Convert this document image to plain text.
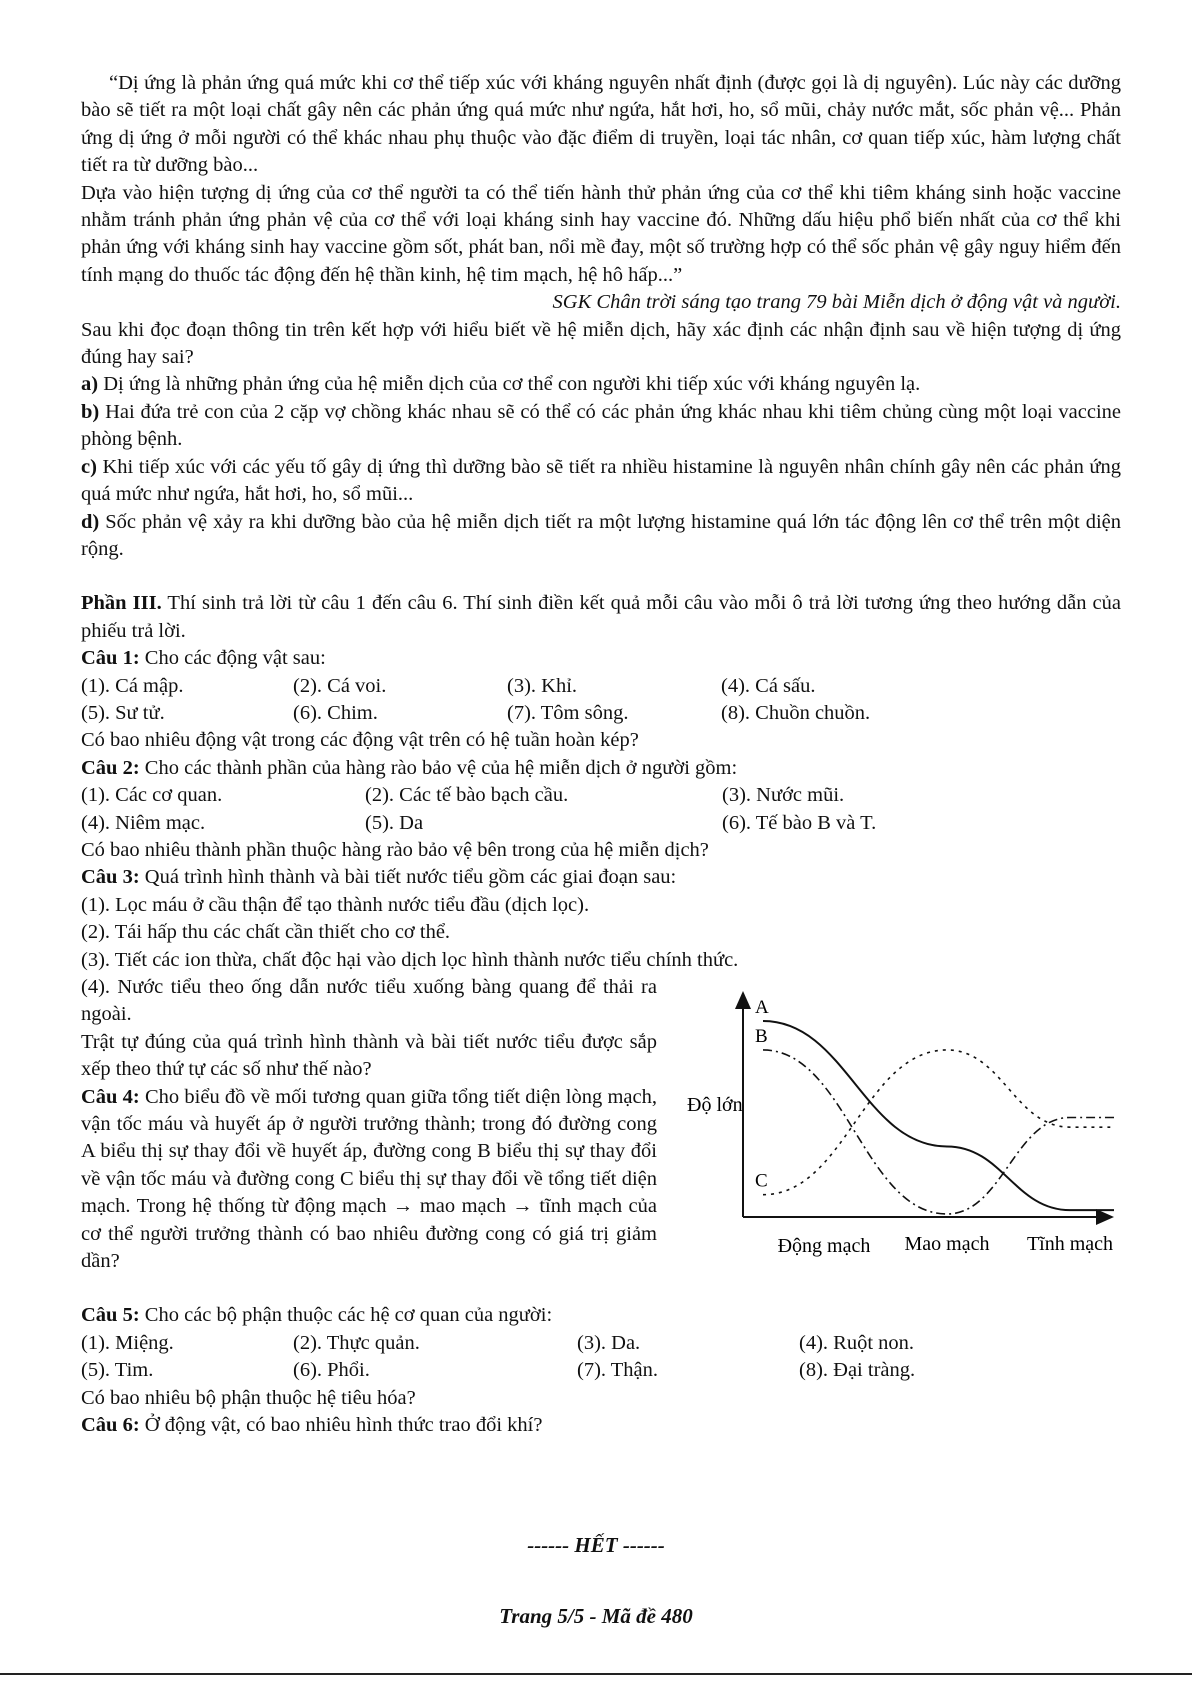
“Dị ứng là phản ứng quá mức khi cơ thể tiếp xúc với kháng nguyên nhất định (được gọi là dị nguyên). Lúc này các dưỡng bào sẽ tiết ra một loại chất gây nên các phản ứng quá mức như ngứa, hắt hơi, ho, sổ mũi, chảy nước mắt, sốc phản vệ... Phản ứng dị ứng ở mỗi người có thể khác nhau phụ thuộc vào đặc điểm di truyền, loại tác nhân, cơ quan tiếp xúc, hàm lượng chất tiết ra từ dưỡng bào...

Dựa vào hiện tượng dị ứng của cơ thể người ta có thể tiến hành thử phản ứng của cơ thể khi tiêm kháng sinh hoặc vaccine nhằm tránh phản ứng phản vệ của cơ thể với loại kháng sinh hay vaccine đó. Những dấu hiệu phổ biến nhất của cơ thể khi phản ứng với kháng sinh hay vaccine gồm sốt, phát ban, nổi mề đay, một số trường hợp có thể sốc phản vệ gây nguy hiểm đến tính mạng do thuốc tác động đến hệ thần kinh, hệ tim mạch, hệ hô hấp...”

SGK Chân trời sáng tạo trang 79 bài Miễn dịch ở động vật và người.

Sau khi đọc đoạn thông tin trên kết hợp với hiểu biết về hệ miễn dịch, hãy xác định các nhận định sau về hiện tượng dị ứng đúng hay sai?

a) Dị ứng là những phản ứng của hệ miễn dịch của cơ thể con người khi tiếp xúc với kháng nguyên lạ.

b) Hai đứa trẻ con của 2 cặp vợ chồng khác nhau sẽ có thể có các phản ứng khác nhau khi tiêm chủng cùng một loại vaccine phòng bệnh.

c) Khi tiếp xúc với các yếu tố gây dị ứng thì dưỡng bào sẽ tiết ra nhiều histamine là nguyên nhân chính gây nên các phản ứng quá mức như ngứa, hắt hơi, ho, sổ mũi...

d) Sốc phản vệ xảy ra khi dưỡng bào của hệ miễn dịch tiết ra một lượng histamine quá lớn tác động lên cơ thể trên một diện rộng.

Phần III. Thí sinh trả lời từ câu 1 đến câu 6. Thí sinh điền kết quả mỗi câu vào mỗi ô trả lời tương ứng theo hướng dẫn của phiếu trả lời.

Câu 1: Cho các động vật sau:

(1). Cá mập.	(2). Cá voi.	(3). Khỉ.	(4). Cá sấu.
(5). Sư tử.	(6). Chim.	(7). Tôm sông.	(8). Chuồn chuồn.

Có bao nhiêu động vật trong các động vật trên có hệ tuần hoàn kép?

Câu 2: Cho các thành phần của hàng rào bảo vệ của hệ miễn dịch ở người gồm:

(1). Các cơ quan.	(2). Các tế bào bạch cầu.	(3). Nước mũi.
(4). Niêm mạc.	(5). Da	(6). Tế bào B và T.

Có bao nhiêu thành phần thuộc hàng rào bảo vệ bên trong của hệ miễn dịch?

Câu 3: Quá trình hình thành và bài tiết nước tiểu gồm các giai đoạn sau:

(1). Lọc máu ở cầu thận để tạo thành nước tiểu đầu (dịch lọc).

(2). Tái hấp thu các chất cần thiết cho cơ thể.

(3). Tiết các ion thừa, chất độc hại vào dịch lọc hình thành nước tiểu chính thức.

(4). Nước tiểu theo ống dẫn nước tiểu xuống bàng quang để thải ra ngoài.

Trật tự đúng của quá trình hình thành và bài tiết nước tiểu được sắp xếp theo thứ tự các số như thế nào?

Câu 4: Cho biểu đồ về mối tương quan giữa tổng tiết diện lòng mạch, vận tốc máu và huyết áp ở người trưởng thành; trong đó đường cong A biểu thị sự thay đổi về huyết áp, đường cong B biểu thị sự thay đổi về vận tốc máu và đường cong C biểu thị sự thay đổi về tổng tiết diện mạch. Trong hệ thống từ động mạch → mao mạch → tĩnh mạch của cơ thể người trưởng thành có bao nhiêu đường cong có giá trị giảm dần?

A
B
C
Độ lớn
Động mạch Mao mạch Tĩnh mạch

Câu 5: Cho các bộ phận thuộc các hệ cơ quan của người:

(1). Miệng.	(2). Thực quản.	(3). Da.	(4). Ruột non.
(5). Tim.	(6). Phổi.	(7). Thận.	(8). Đại tràng.

Có bao nhiêu bộ phận thuộc hệ tiêu hóa?

Câu 6: Ở động vật, có bao nhiêu hình thức trao đổi khí?

------ HẾT ------
Trang 5/5 - Mã đề 480
